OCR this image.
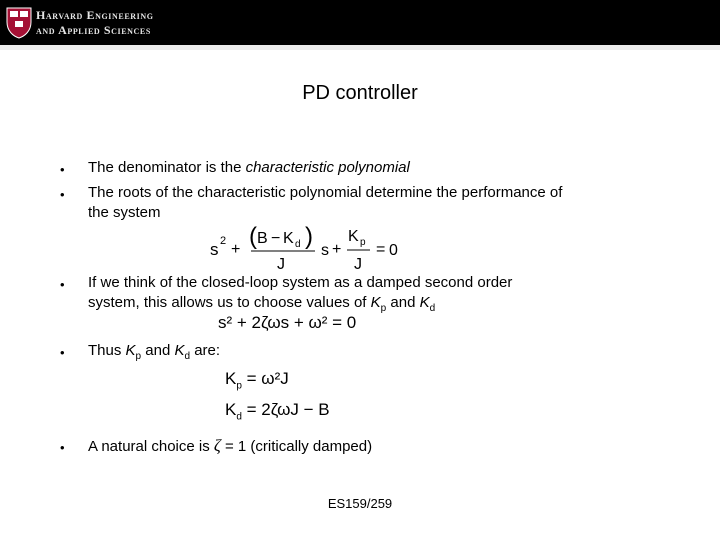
Harvard Engineering
and Applied Sciences
PD controller
• The denominator is the characteristic polynomial
• The roots of the characteristic polynomial determine the performance of
the system
s 2 + ( B − K d )
J
s +
K p
J
= 0
• If we think of the closed-loop system as a damped second order
system, this allows us to choose values of $K_p$ and $K_d$
s² + 2ζωs + ω² = 0
• Thus $K_p$ and $K_d$ are:
$K_p = \omega^2J$
$K_d = 2\zeta\omega J - B$
• A natural choice is ζ = 1 (critically damped)
ES159/259
